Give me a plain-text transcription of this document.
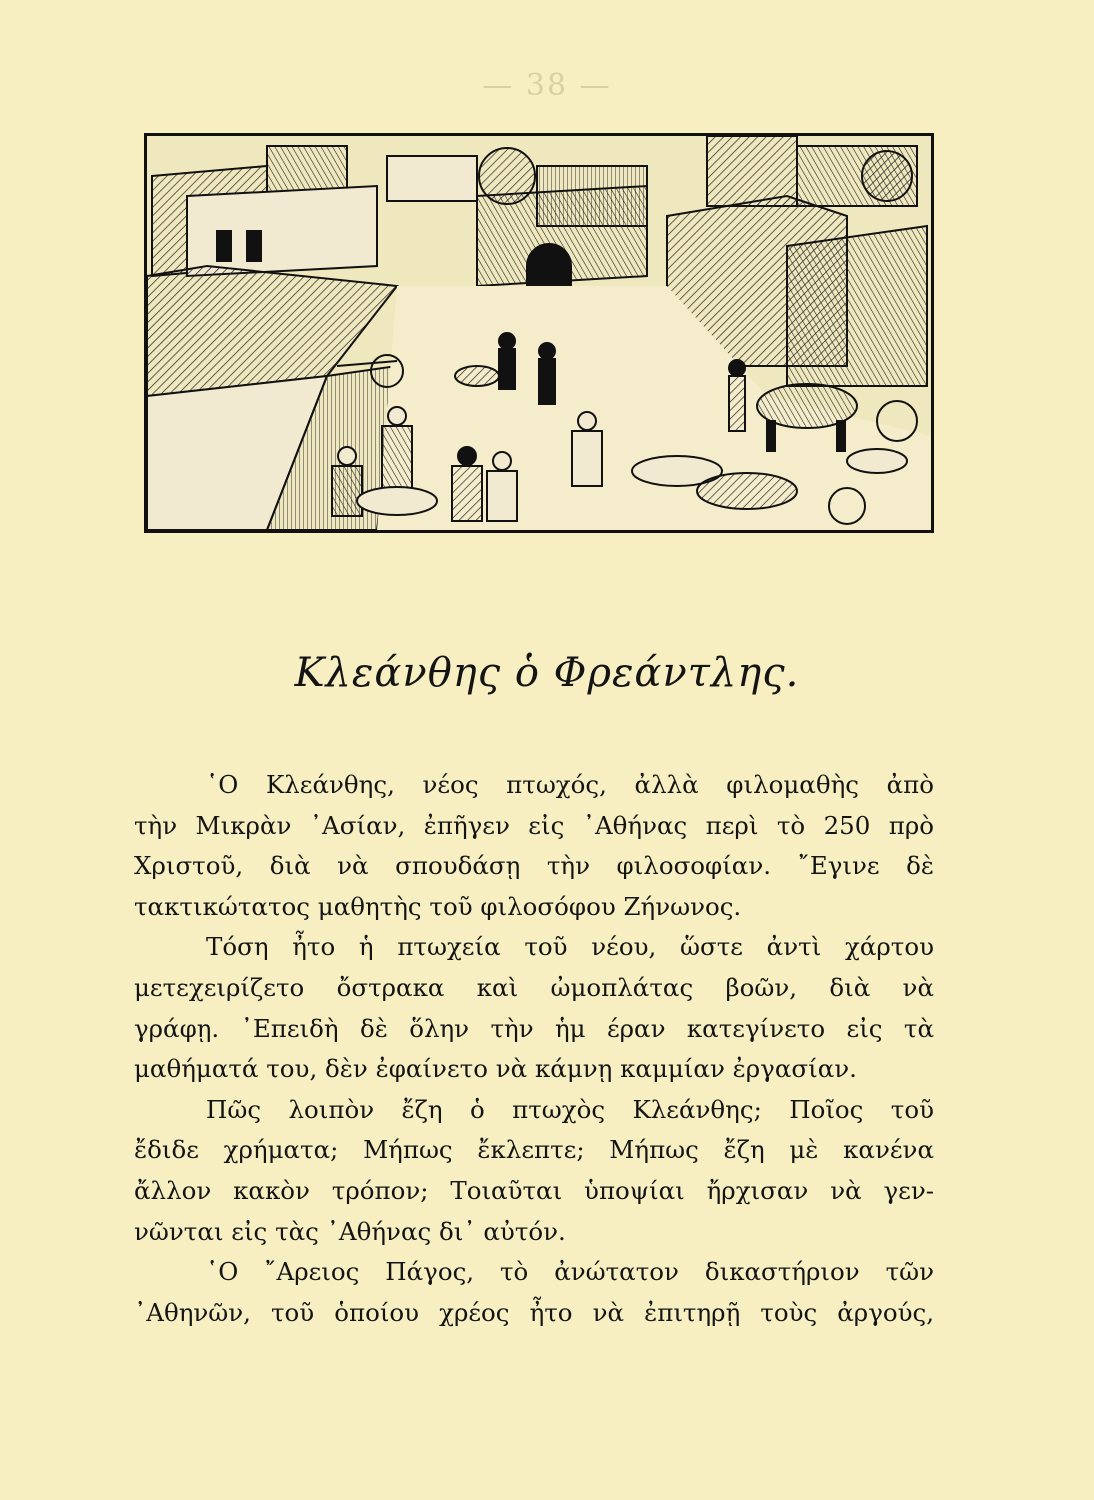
— 38 —
Κλεάνθης ὁ Φρεάντλης.

῾Ο Κλεάνθης, νέος πτωχός, ἀλλὰ φιλομαθὴς ἀπὸ
τὴν Μικρὰν ᾿Ασίαν, ἐπῆγεν εἰς ᾿Αθήνας περὶ τὸ 250 πρὸ
Χριστοῦ, διὰ νὰ σπουδάσῃ τὴν φιλοσοφίαν. ῎Εγινε δὲ
τακτικώτατος μαθητὴς τοῦ φιλοσόφου Ζήνωνος.

Τόση ἦτο ἡ πτωχεία τοῦ νέου, ὥστε ἀντὶ χάρτου
μετεχειρίζετο ὄστρακα καὶ ὠμοπλάτας βοῶν, διὰ νὰ
γράφῃ. ᾿Επειδὴ δὲ ὅλην τὴν ἡμ έραν κατεγίνετο εἰς τὰ
μαθήματά του, δὲν ἐφαίνετο νὰ κάμνῃ καμμίαν ἐργασίαν.

Πῶς λοιπὸν ἔζη ὁ πτωχὸς Κλεάνθης; Ποῖος τοῦ
ἔδιδε χρήματα; Μήπως ἔκλεπτε; Μήπως ἔζη μὲ κανένα
ἄλλον κακὸν τρόπον; Τοιαῦται ὑποψίαι ἤρχισαν νὰ γεν-
νῶνται εἰς τὰς ᾿Αθήνας δι᾿ αὐτόν.

῾Ο ῎Αρειος Πάγος, τὸ ἀνώτατον δικαστήριον τῶν
᾿Αθηνῶν, τοῦ ὁποίου χρέος ἦτο νὰ ἐπιτηρῇ τοὺς ἀργούς,
